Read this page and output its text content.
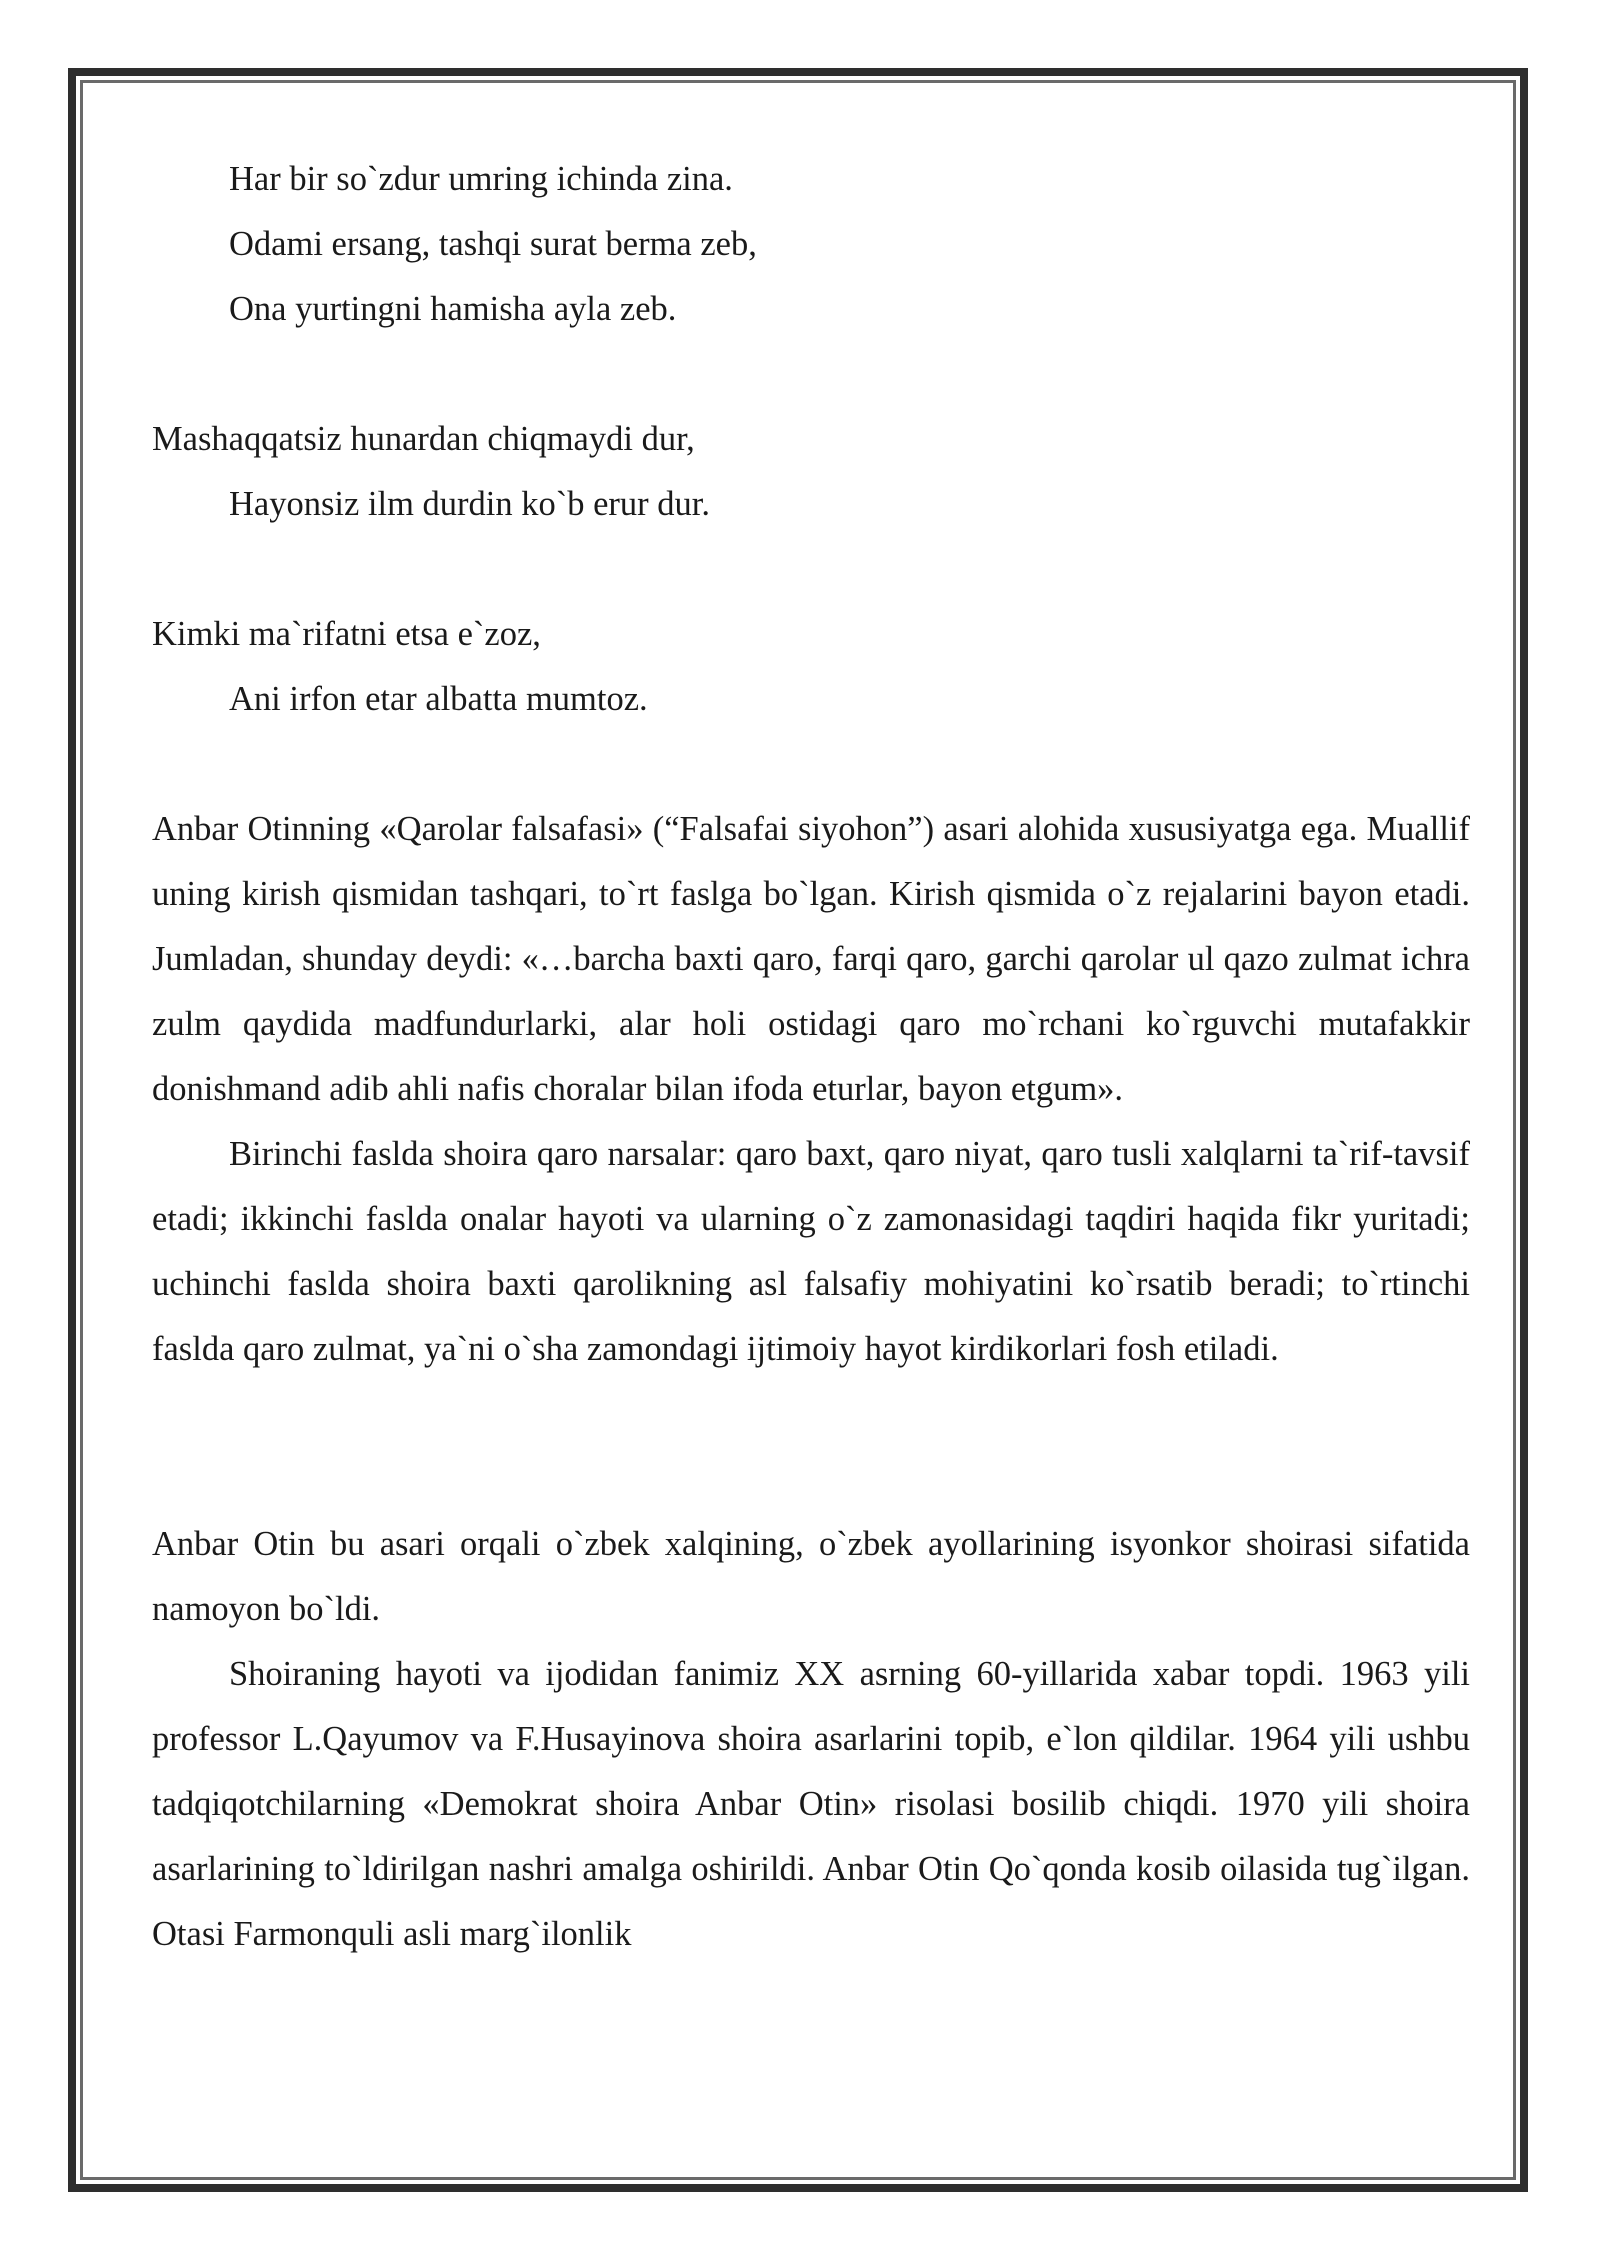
Har bir so`zdur umring ichinda zina.

Odami ersang, tashqi surat berma zeb,

Ona yurtingni hamisha ayla zeb.

Mashaqqatsiz hunardan chiqmaydi dur,

Hayonsiz ilm durdin ko`b erur dur.

Kimki ma`rifatni etsa e`zoz,

Ani irfon etar albatta mumtoz.

Anbar Otinning «Qarolar falsafasi» (“Falsafai siyohon”) asari alohida xususiyatga ega. Muallif uning kirish qismidan tashqari, to`rt faslga bo`lgan. Kirish qismida o`z rejalarini bayon etadi. Jumladan, shunday deydi: «…barcha baxti qaro, farqi qaro, garchi qarolar ul qazo zulmat ichra zulm qaydida madfundurlarki, alar holi ostidagi qaro mo`rchani ko`rguvchi mutafakkir donishmand adib ahli nafis choralar bilan ifoda eturlar, bayon etgum».

Birinchi faslda shoira qaro narsalar: qaro baxt, qaro niyat, qaro tusli xalqlarni ta`rif-tavsif etadi; ikkinchi faslda onalar hayoti va ularning o`z zamonasidagi taqdiri haqida fikr yuritadi; uchinchi faslda shoira baxti qarolikning asl falsafiy mohiyatini ko`rsatib beradi; to`rtinchi faslda qaro zulmat, ya`ni o`sha zamondagi ijtimoiy hayot kirdikorlari fosh etiladi.

Anbar Otin bu asari orqali o`zbek xalqining, o`zbek ayollarining isyonkor shoirasi sifatida namoyon bo`ldi.

Shoiraning hayoti va ijodidan fanimiz XX asrning 60-yillarida xabar topdi. 1963 yili professor L.Qayumov va F.Husayinova shoira asarlarini topib, e`lon qildilar. 1964 yili ushbu tadqiqotchilarning «Demokrat shoira Anbar Otin» risolasi bosilib chiqdi. 1970 yili shoira asarlarining to`ldirilgan nashri amalga oshirildi. Anbar Otin Qo`qonda kosib oilasida tug`ilgan. Otasi Farmonquli asli marg`ilonlik
